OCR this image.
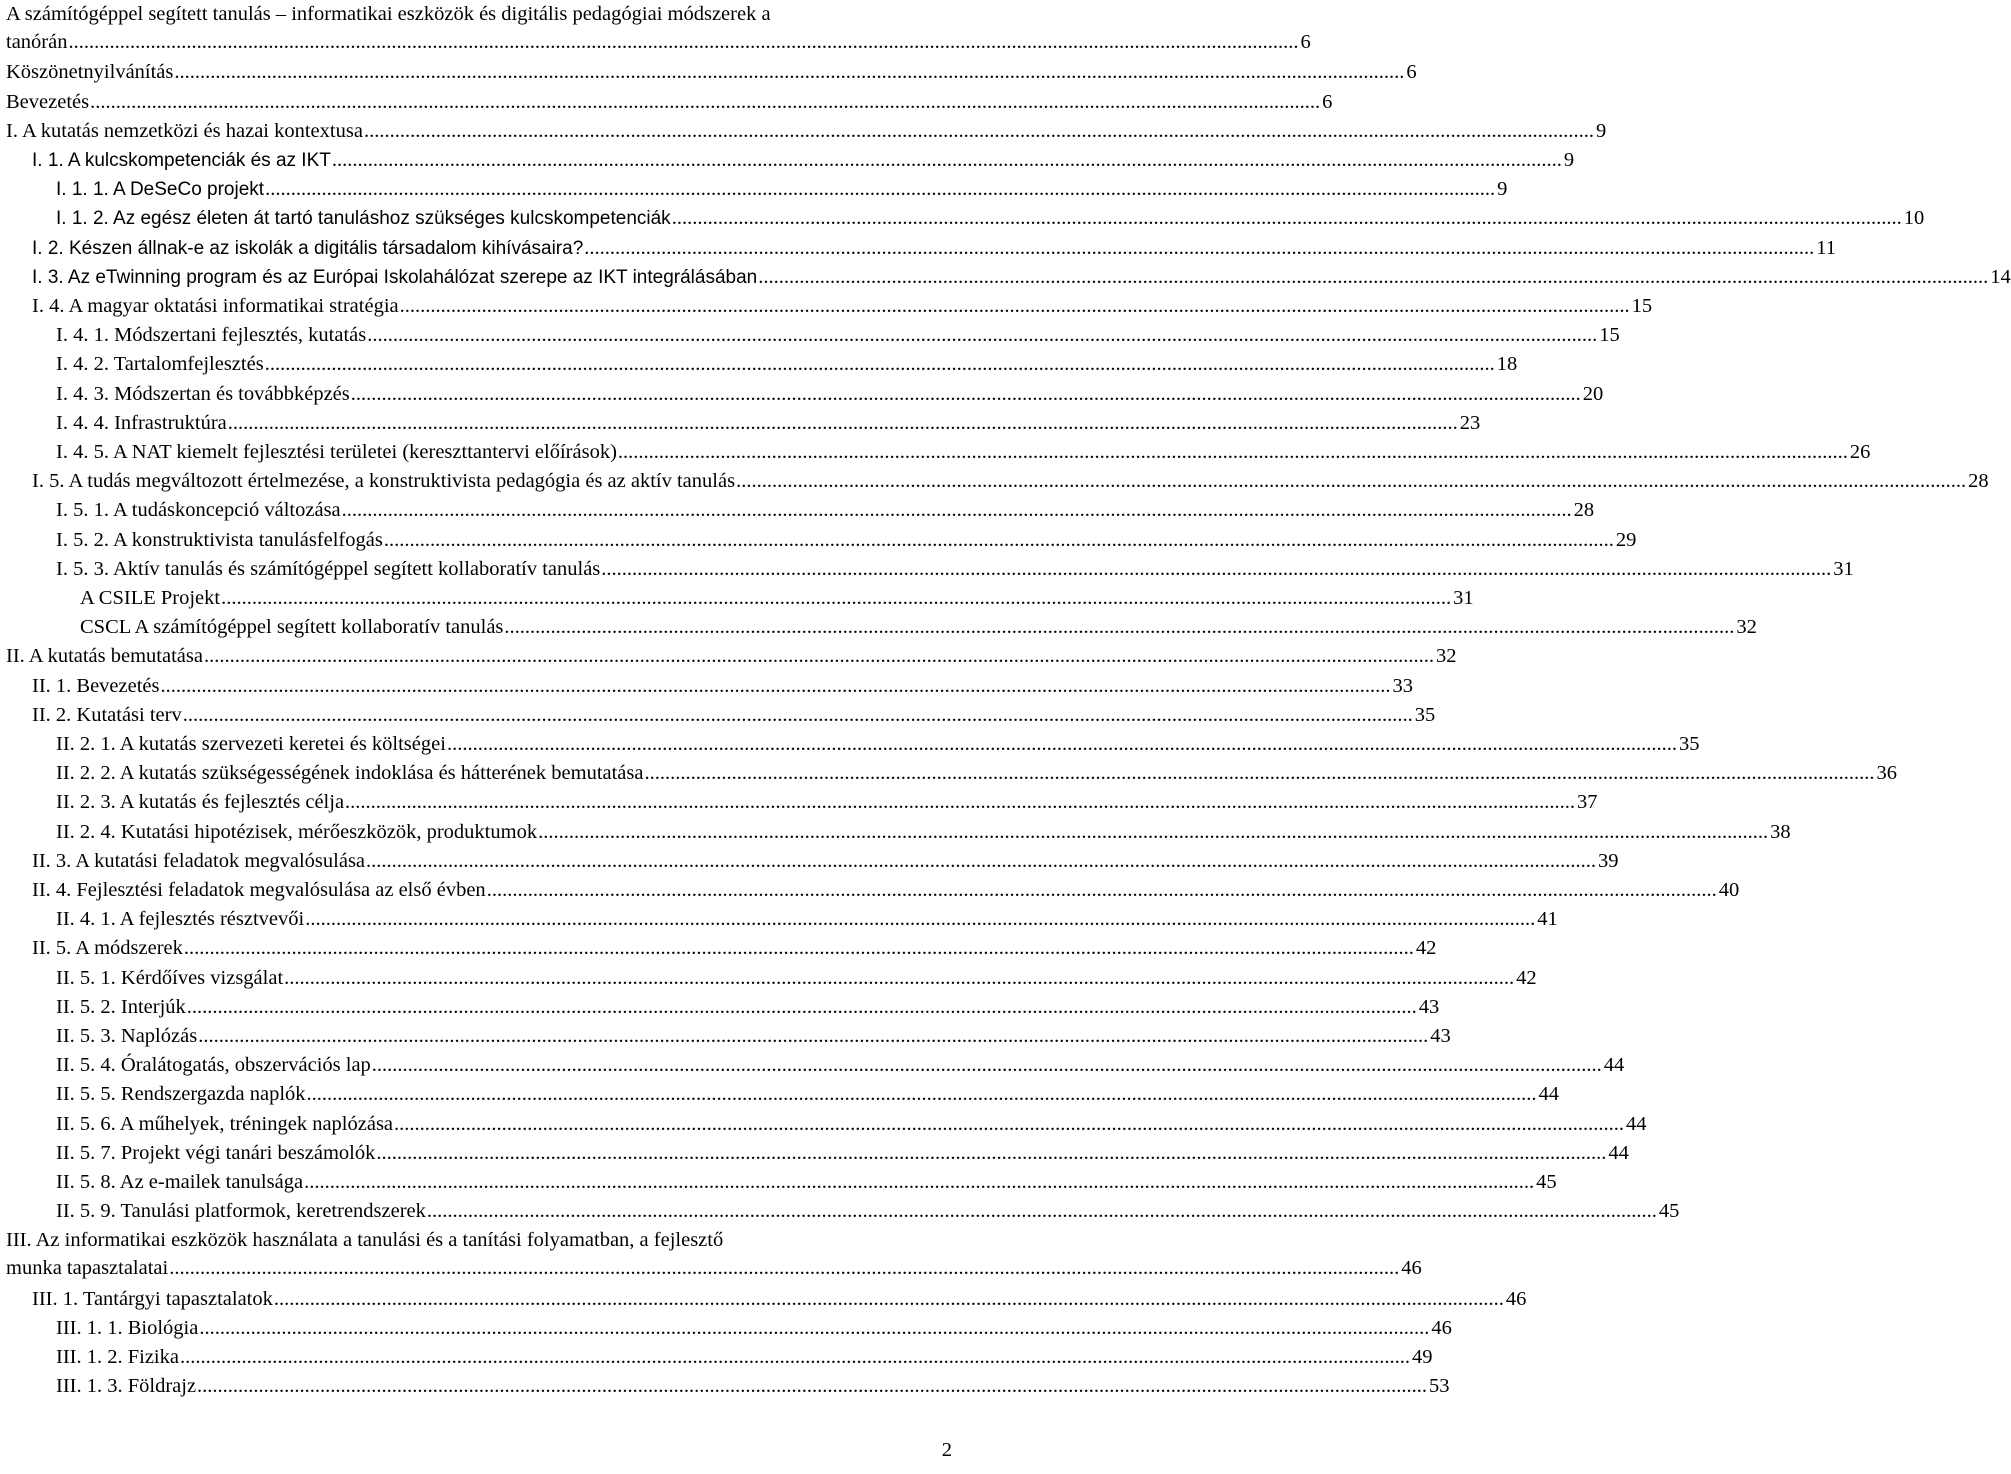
A számítógéppel segített tanulás – informatikai eszközök és digitális pedagógiai módszerek a
tanórán .....	6
Köszönetnyilvánítás .....	6
Bevezetés .....	6
I. A kutatás nemzetközi és hazai kontextusa .....	9
I. 1. A kulcskompetenciák és az IKT .....	9
I. 1. 1. A DeSeCo projekt .....	9
I. 1. 2. Az egész életen át tartó tanuláshoz szükséges kulcskompetenciák .....	10
I. 2. Készen állnak-e az iskolák a digitális társadalom kihívásaira? .....	11
I. 3. Az eTwinning program és az Európai Iskolahálózat szerepe az IKT integrálásában .....	14
I. 4. A magyar oktatási informatikai stratégia .....	15
I. 4. 1. Módszertani fejlesztés, kutatás .....	15
I. 4. 2. Tartalomfejlesztés .....	18
I. 4. 3. Módszertan és továbbképzés .....	20
I. 4. 4. Infrastruktúra .....	23
I. 4. 5. A NAT kiemelt fejlesztési területei (kereszttantervi előírások) .....	26
I. 5. A tudás megváltozott értelmezése, a konstruktivista pedagógia és az aktív tanulás .....	28
I. 5. 1. A tudáskoncepció változása .....	28
I. 5. 2. A konstruktivista tanulásfelfogás .....	29
I. 5. 3. Aktív tanulás és számítógéppel segített kollaboratív tanulás .....	31
A CSILE Projekt .....	31
CSCL A számítógéppel segített kollaboratív tanulás .....	32
II. A kutatás bemutatása .....	32
II. 1. Bevezetés .....	33
II. 2. Kutatási terv .....	35
II. 2. 1. A kutatás szervezeti keretei és költségei .....	35
II. 2. 2. A kutatás szükségességének indoklása és hátterének bemutatása .....	36
II. 2. 3. A kutatás és fejlesztés célja .....	37
II. 2. 4. Kutatási hipotézisek, mérőeszközök, produktumok .....	38
II. 3. A kutatási feladatok megvalósulása .....	39
II. 4. Fejlesztési feladatok megvalósulása az első évben .....	40
II. 4. 1. A fejlesztés résztvevői .....	41
II. 5. A módszerek .....	42
II. 5. 1. Kérdőíves vizsgálat .....	42
II. 5. 2. Interjúk .....	43
II. 5. 3. Naplózás .....	43
II. 5. 4. Óralátogatás, obszervációs lap .....	44
II. 5. 5. Rendszergazda naplók .....	44
II. 5. 6. A műhelyek, tréningek naplózása .....	44
II. 5. 7. Projekt végi tanári beszámolók .....	44
II. 5. 8. Az e-mailek tanulsága .....	45
II. 5. 9. Tanulási platformok, keretrendszerek .....	45
III. Az informatikai eszközök használata a tanulási és a tanítási folyamatban, a fejlesztő
munka tapasztalatai .....	46
III. 1. Tantárgyi tapasztalatok .....	46
III. 1. 1. Biológia .....	46
III. 1. 2. Fizika .....	49
III. 1. 3. Földrajz .....	53
2
